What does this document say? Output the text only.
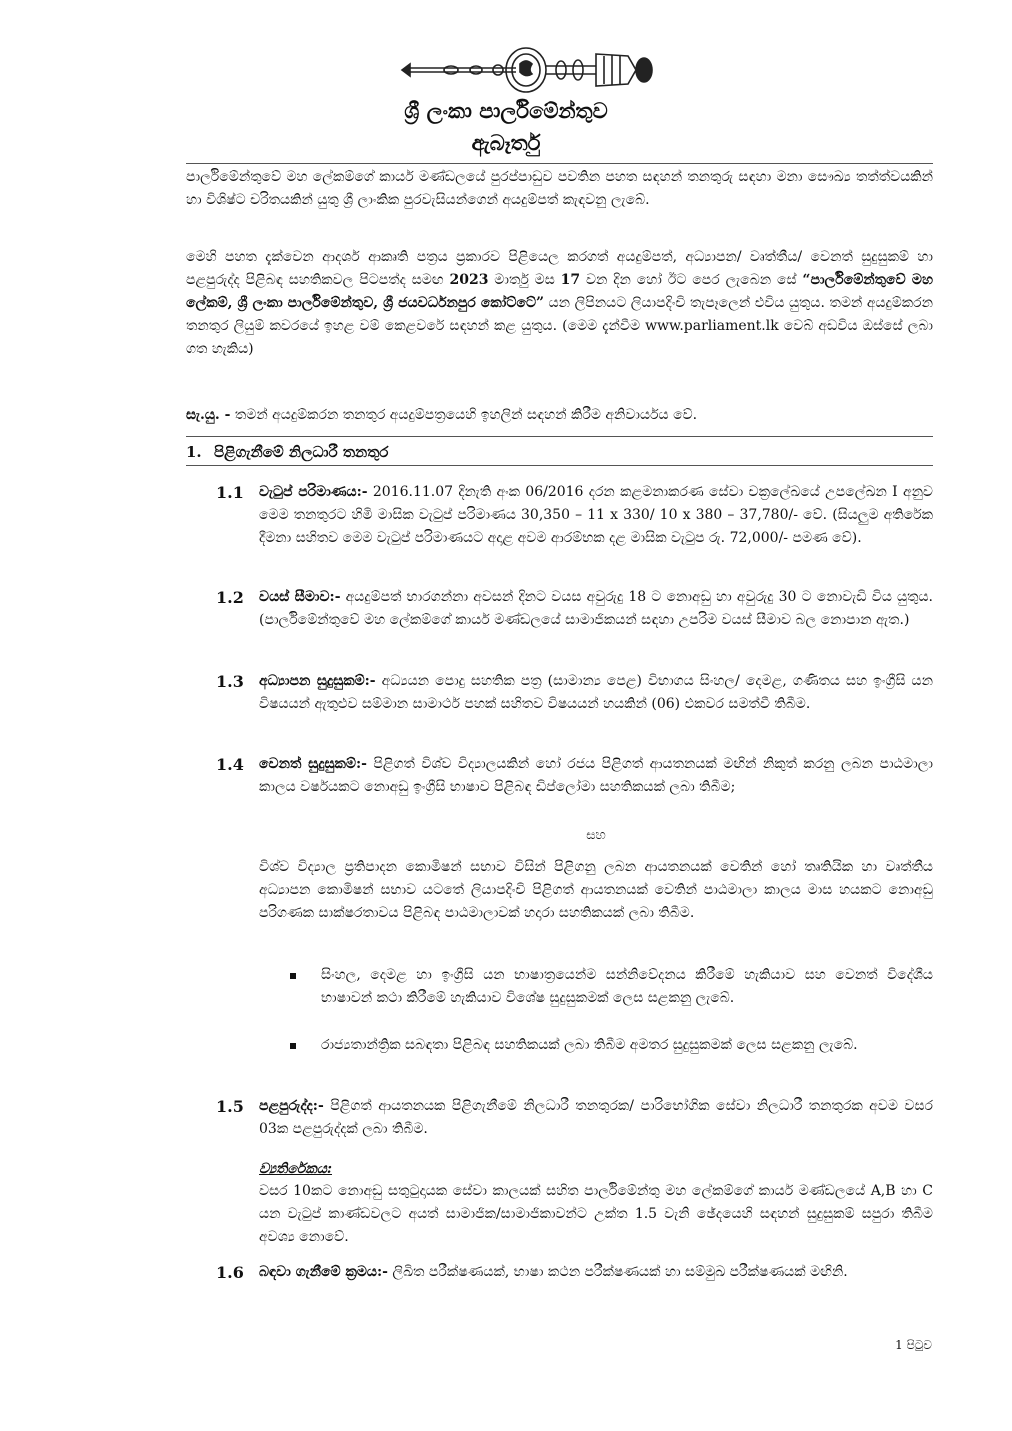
ශ්‍රී ලංකා පාර්ලිමේන්තුව
ඇබෑර්තු
පාර්ලිමේන්තුවේ මහ ලේකම්ගේ කාර්ය මණ්ඩලයේ පුරප්පාඩුව පවතින පහත සඳහන් තනතුරු සඳහා මනා සෞඛ්‍ය තත්ත්වයකින් හා විශිෂ්ට චරිතයකින් යුතු ශ්‍රී ලාංකික පුරවැසියන්ගෙන් අයදුම්පත් කැඳවනු ලැබේ.
මෙහි පහත දැක්වෙන ආදර්ශ ආකෘති පත්‍රය ප්‍රකාරව පිළියෙල කරගත් අයදුම්පත්, අධ්‍යාපන/ වෘත්තීය/ වෙනත් සුදුසුකම් හා පළපුරුද්ද පිළිබඳ සහතිකවල පිටපත්ද සමඟ 2023 මාර්තු මස 17 වන දින හෝ ඊට පෙර ලැබෙන සේ “පාර්ලිමේන්තුවේ මහ ලේකම්, ශ්‍රී ලංකා පාර්ලිමේන්තුව, ශ්‍රී ජයවර්ධනපුර කෝට්ටේ” යන ලිපිනයට ලියාපදිංචි තැපෑලෙන් එවිය යුතුය. තමන් අයදුම්කරන තනතුර ලියුම් කවරයේ ඉහළ වම් කෙළවරේ සඳහන් කළ යුතුය. (මෙම දැන්වීම www.parliament.lk වෙබ් අඩවිය ඔස්සේ ලබා ගත හැකිය)
සැ.යු. - තමන් අයදුම්කරන තනතුර අයදුම්පත්‍රයෙහි ඉහලින් සඳහන් කිරීම අනිවාර්යය වේ.
1. පිළිගැනීමේ නිලධාරී තනතුර
1.1 වැටුප් පරිමාණය:- 2016.11.07 දිනැති අංක 06/2016 දරන කළමනාකරණ සේවා චක්‍රලේඛයේ උපලේඛන I අනුව මෙම තනතුරට හිමි මාසික වැටුප් පරිමාණය 30,350 – 11 x 330/ 10 x 380 – 37,780/- වේ. (සියලුම අතිරේක දීමනා සහිතව මෙම වැටුප් පරිමාණයට අදාළ අවම ආරම්භක දළ මාසික වැටුප රු. 72,000/- පමණ වේ).
1.2 වයස් සීමාව:- අයදුම්පත් භාරගන්නා අවසන් දිනට වයස අවුරුදු 18 ට නොඅඩු හා අවුරුදු 30 ට නොවැඩි විය යුතුය. (පාර්ලිමේන්තුවේ මහ ලේකම්ගේ කාර්ය මණ්ඩලයේ සාමාජිකයන් සඳහා උපරිම වයස් සීමාව බල නොපාන ඇත.)
1.3 අධ්‍යාපන සුදුසුකම්:- අධ්‍යයන පොදු සහතික පත්‍ර (සාමාන්‍ය පෙළ) විභාගය සිංහල/ දෙමළ, ගණිතය සහ ඉංග්‍රීසි යන විෂයයන් ඇතුළුව සම්මාන සාමාර්ථ පහක් සහිතව විෂයයන් හයකින් (06) එකවර සමත්වී තිබීම.
1.4 වෙනත් සුදුසුකම්:- පිළිගත් විශ්ව විද්‍යාලයකින් හෝ රජය පිළිගත් ආයතනයක් මඟින් නිකුත් කරනු ලබන පාඨමාලා කාලය වර්ෂයකට නොඅඩු ඉංග්‍රීසි භාෂාව පිළිබඳ ඩිප්ලෝමා සහතිකයක් ලබා තිබීම;
සහ
විශ්ව විද්‍යාල ප්‍රතිපාදන කොමිෂන් සභාව විසින් පිළිගනු ලබන ආයතනයක් වෙතින් හෝ තෘතියික හා වෘත්තීය අධ්‍යාපන කොමිෂන් සභාව යටතේ ලියාපදිංචි පිළිගත් ආයතනයක් වෙතින් පාඨමාලා කාලය මාස හයකට නොඅඩු පරිගණක සාක්ෂරතාවය පිළිබඳ පාඨමාලාවක් හදාරා සහතිකයක් ලබා තිබීම.
සිංහල, දෙමළ හා ඉංග්‍රීසි යන භාෂාත්‍රයෙන්ම සන්නිවේදනය කිරීමේ හැකියාව සහ වෙනත් විදේශීය භාෂාවන් කථා කිරීමේ හැකියාව විශේෂ සුදුසුකමක් ලෙස සළකනු ලැබේ.
රාජ්‍යතාන්ත්‍රික සබඳතා පිළිබඳ සහතිකයක් ලබා තිබීම අමතර සුදුසුකමක් ලෙස සළකනු ලැබේ.
1.5 පළපුරුද්ද:- පිළිගත් ආයතනයක පිළිගැනීමේ නිලධාරී තනතුරක/ පාරිභෝගික සේවා නිලධාරී තනතුරක අවම වසර 03ක පළපුරුද්දක් ලබා තිබීම.
ව්‍යතිරේකය:
වසර 10කට නොඅඩු සතුටුදායක සේවා කාලයක් සහිත පාර්ලිමේන්තු මහ ලේකම්ගේ කාර්ය මණ්ඩලයේ A,B හා C යන වැටුප් කාණ්ඩවලට අයත් සාමාජික/සාමාජිකාවන්ට උක්ත 1.5 වැනි ඡේදයෙහි සඳහන් සුදුසුකම් සපුරා තිබීම අවශ්‍ය නොවේ.
1.6 බඳවා ගැනීමේ ක්‍රමය:- ලිඛිත පරීක්ෂණයක්, භාෂා කථන පරීක්ෂණයක් හා සම්මුඛ පරීක්ෂණයක් මඟිනි.
1 පිටුව
